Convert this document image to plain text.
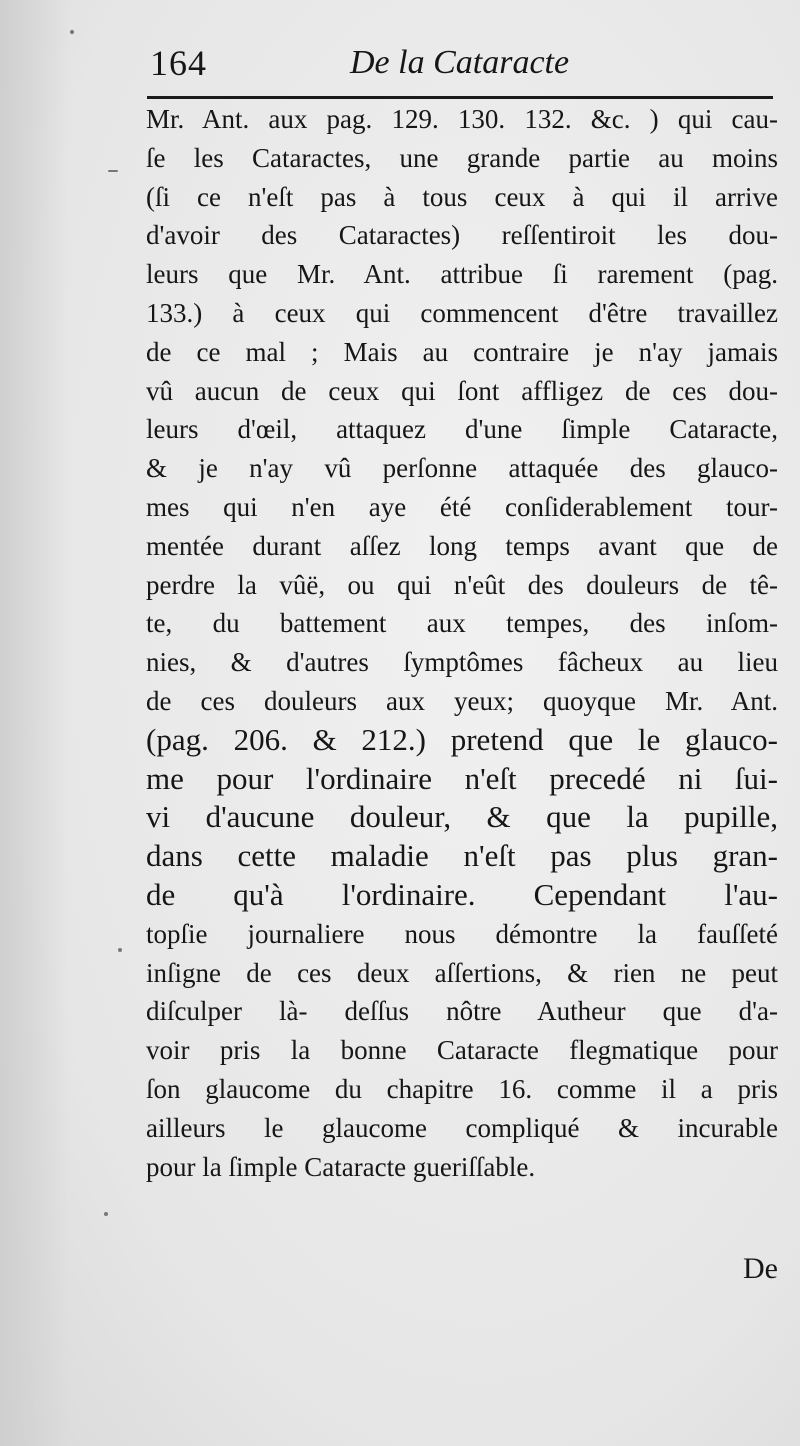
164	De la Cataracte
Mr. Ant. aux pag. 129. 130. 132. &c. ) qui cau-
ſe les Cataractes, une grande partie au moins
(ſi ce n'eſt pas à tous ceux à qui il arrive
d'avoir des Cataractes) reſſentiroit les dou-
leurs que Mr. Ant. attribue ſi rarement (pag.
133.) à ceux qui commencent d'être travaillez
de ce mal ; Mais au contraire je n'ay jamais
vû aucun de ceux qui ſont affligez de ces dou-
leurs d'œil, attaquez d'une ſimple Cataracte,
& je n'ay vû perſonne attaquée des glauco-
mes qui n'en aye été conſiderablement tour-
mentée durant aſſez long temps avant que de
perdre la vûë, ou qui n'eût des douleurs de tê-
te, du battement aux tempes, des inſom-
nies, & d'autres ſymptômes fâcheux au lieu
de ces douleurs aux yeux; quoyque Mr. Ant.
(pag. 206. & 212.) pretend que le glauco-
me pour l'ordinaire n'eſt precedé ni ſui-
vi d'aucune douleur, & que la pupille,
dans cette maladie n'eſt pas plus gran-
de qu'à l'ordinaire. Cependant l'au-
topſie journaliere nous démontre la fauſſeté
inſigne de ces deux aſſertions, & rien ne peut
diſculper là- deſſus nôtre Autheur que d'a-
voir pris la bonne Cataracte flegmatique pour
ſon glaucome du chapitre 16. comme il a pris
ailleurs le glaucome compliqué & incurable
pour la ſimple Cataracte gueriſſable.
De
